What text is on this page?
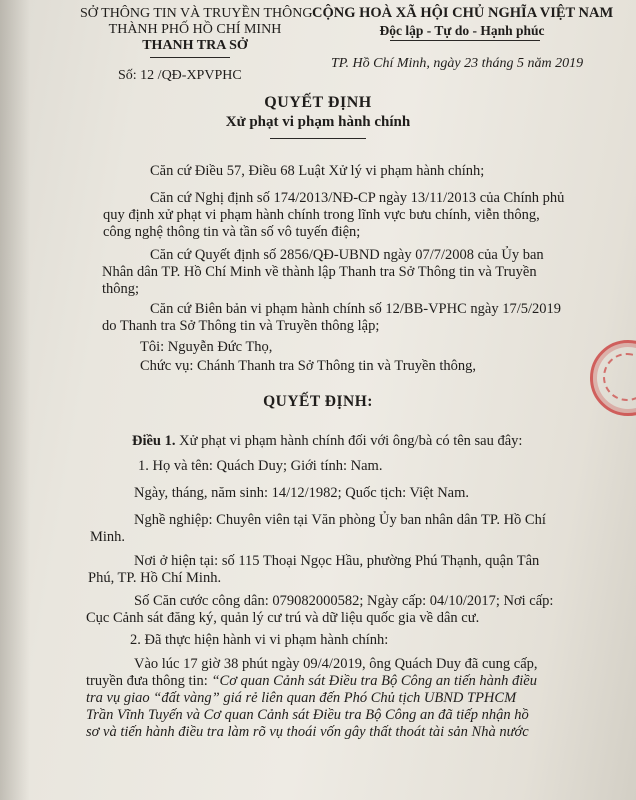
SỞ THÔNG TIN VÀ TRUYỀN THÔNG
THÀNH PHỐ HỒ CHÍ MINH
THANH TRA SỞ
CỘNG HOÀ XÃ HỘI CHỦ NGHĨA VIỆT NAM
Độc lập - Tự do - Hạnh phúc
Số: 12 /QĐ-XPVPHC
TP. Hồ Chí Minh, ngày 23 tháng 5 năm 2019
QUYẾT ĐỊNH
Xử phạt vi phạm hành chính
Căn cứ Điều 57, Điều 68 Luật Xử lý vi phạm hành chính;
Căn cứ Nghị định số 174/2013/NĐ-CP ngày 13/11/2013 của Chính phủ
quy định xử phạt vi phạm hành chính trong lĩnh vực bưu chính, viễn thông,
công nghệ thông tin và tần số vô tuyến điện;
Căn cứ Quyết định số 2856/QĐ-UBND ngày 07/7/2008 của Ủy ban
Nhân dân TP. Hồ Chí Minh về thành lập Thanh tra Sở Thông tin và Truyền
thông;
Căn cứ Biên bản vi phạm hành chính số 12/BB-VPHC ngày 17/5/2019
do Thanh tra Sở Thông tin và Truyền thông lập;
Tôi: Nguyễn Đức Thọ,
Chức vụ: Chánh Thanh tra Sở Thông tin và Truyền thông,
QUYẾT ĐỊNH:
Điều 1. Xử phạt vi phạm hành chính đối với ông/bà có tên sau đây:
1. Họ và tên: Quách Duy; Giới tính: Nam.
Ngày, tháng, năm sinh: 14/12/1982; Quốc tịch: Việt Nam.
Nghề nghiệp: Chuyên viên tại Văn phòng Ủy ban nhân dân TP. Hồ Chí
Minh.
Nơi ở hiện tại: số 115 Thoại Ngọc Hầu, phường Phú Thạnh, quận Tân
Phú, TP. Hồ Chí Minh.
Số Căn cước công dân: 079082000582; Ngày cấp: 04/10/2017; Nơi cấp:
Cục Cảnh sát đăng ký, quản lý cư trú và dữ liệu quốc gia về dân cư.
2. Đã thực hiện hành vi vi phạm hành chính:
Vào lúc 17 giờ 38 phút ngày 09/4/2019, ông Quách Duy đã cung cấp,
truyền đưa thông tin: “Cơ quan Cảnh sát Điều tra Bộ Công an tiến hành điều
tra vụ giao “đất vàng” giá rẻ liên quan đến Phó Chủ tịch UBND TPHCM
Trần Vĩnh Tuyến và Cơ quan Cảnh sát Điều tra Bộ Công an đã tiếp nhận hồ
sơ và tiến hành điều tra làm rõ vụ thoái vốn gây thất thoát tài sản Nhà nước
